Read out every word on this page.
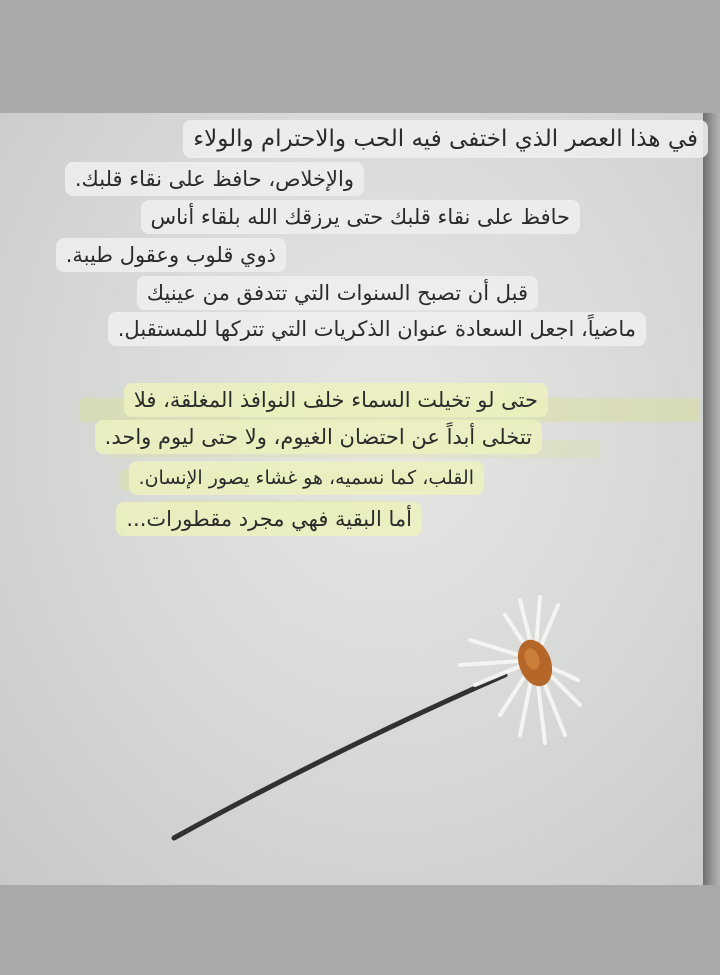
في هذا العصر الذي اختفى فيه الحب والاحترام والولاء
والإخلاص، حافظ على نقاء قلبك.
حافظ على نقاء قلبك حتى يرزقك الله بلقاء أناس
ذوي قلوب وعقول طيبة.
قبل أن تصبح السنوات التي تتدفق من عينيك
ماضياً، اجعل السعادة عنوان الذكريات التي تتركها للمستقبل.
حتى لو تخيلت السماء خلف النوافذ المغلقة، فلا
تتخلى أبداً عن احتضان الغيوم، ولا حتى ليوم واحد.
القلب، كما نسميه، هو غشاء يصور الإنسان.
أما البقية فهي مجرد مقطورات...
